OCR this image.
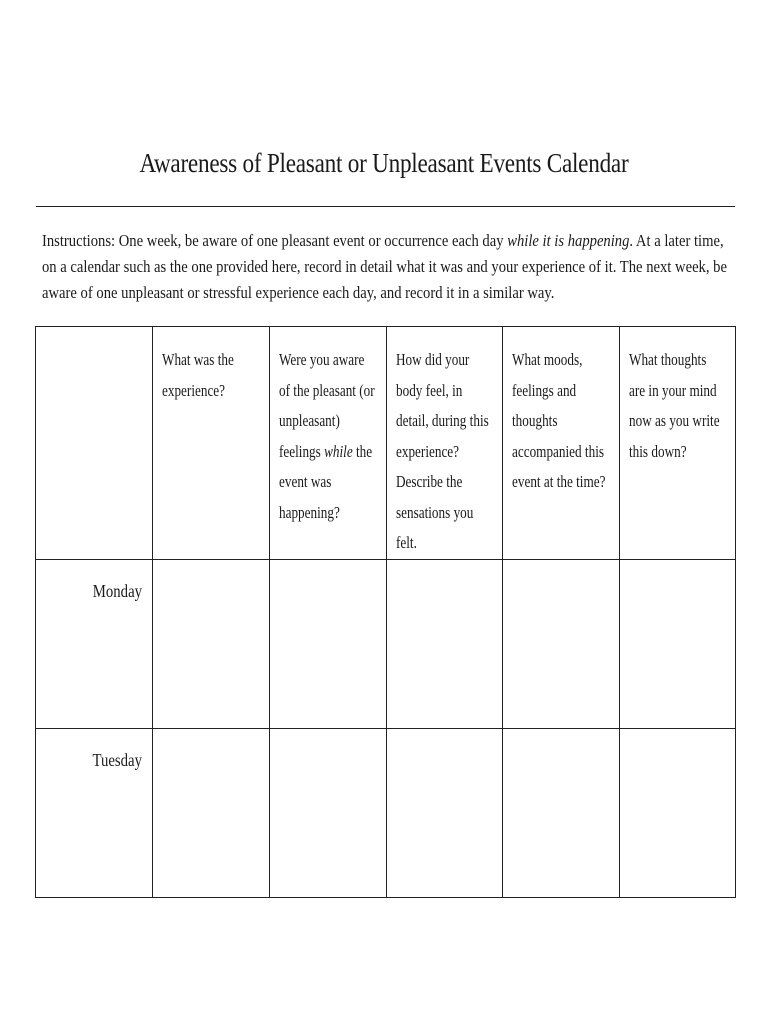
Awareness of Pleasant or Unpleasant Events Calendar

Instructions: One week, be aware of one pleasant event or occurrence each day while it is happening. At a later time, on a calendar such as the one provided here, record in detail what it was and your experience of it. The next week, be aware of one unpleasant or stressful experience each day, and record it in a similar way.

	What was the experience?	Were you aware of the pleasant (or unpleasant) feelings while the event was happening?	How did your body feel, in detail, during this experience? Describe the sensations you felt.	What moods, feelings and thoughts accompanied this event at the time?	What thoughts are in your mind now as you write this down?

Monday					

Tuesday					
